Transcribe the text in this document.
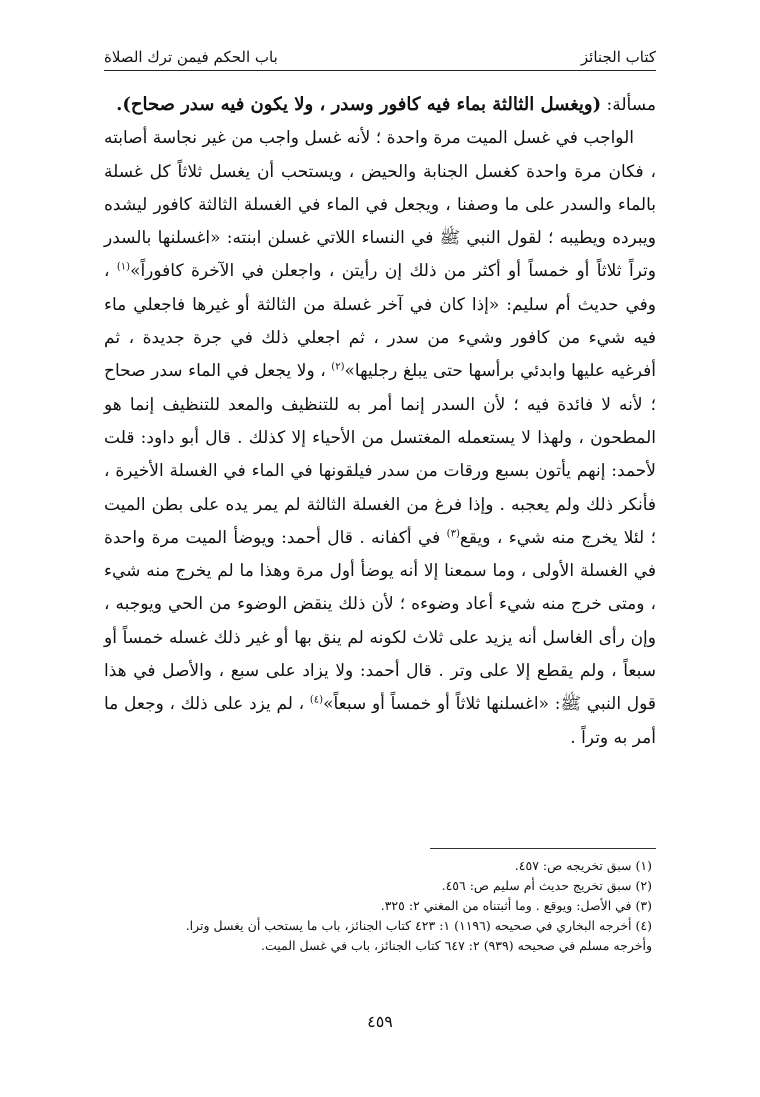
كتاب الجنائز
باب الحكم فيمن ترك الصلاة

مسألة: (ويغسل الثالثة بماء فيه كافور وسدر ، ولا يكون فيه سدر صحاح).

الواجب في غسل الميت مرة واحدة ؛ لأنه غسل واجب من غير نجاسة أصابته ، فكان مرة واحدة كغسل الجنابة والحيض ، ويستحب أن يغسل ثلاثاً كل غسلة بالماء والسدر على ما وصفنا ، ويجعل في الماء في الغسلة الثالثة كافور ليشده ويبرده ويطيبه ؛ لقول النبي ﷺ في النساء اللاتي غسلن ابنته: «اغسلنها بالسدر وتراً ثلاثاً أو خمساً أو أكثر من ذلك إن رأيتن ، واجعلن في الآخرة كافوراً»$^{(١)}$ ، وفي حديث أم سليم: «إذا كان في آخر غسلة من الثالثة أو غيرها فاجعلي ماء فيه شيء من كافور وشيء من سدر ، ثم اجعلي ذلك في جرة جديدة ، ثم أفرغيه عليها وابدئي برأسها حتى يبلغ رجليها»$^{(٢)}$ ، ولا يجعل في الماء سدر صحاح ؛ لأنه لا فائدة فيه ؛ لأن السدر إنما أمر به للتنظيف والمعد للتنظيف إنما هو المطحون ، ولهذا لا يستعمله المغتسل من الأحياء إلا كذلك . قال أبو داود: قلت لأحمد: إنهم يأتون بسبع ورقات من سدر فيلقونها في الماء في الغسلة الأخيرة ، فأنكر ذلك ولم يعجبه . وإذا فرغ من الغسلة الثالثة لم يمر يده على بطن الميت ؛ لئلا يخرج منه شيء ، ويقع$^{(٣)}$ في أكفانه . قال أحمد: ويوضأ الميت مرة واحدة في الغسلة الأولى ، وما سمعنا إلا أنه يوضأ أول مرة وهذا ما لم يخرج منه شيء ، ومتى خرج منه شيء أعاد وضوءه ؛ لأن ذلك ينقض الوضوء من الحي ويوجبه ، وإن رأى الغاسل أنه يزيد على ثلاث لكونه لم ينق بها أو غير ذلك غسله خمساً أو سبعاً ، ولم يقطع إلا على وتر . قال أحمد: ولا يزاد على سبع ، والأصل في هذا قول النبي ﷺ: «اغسلنها ثلاثاً أو خمساً أو سبعاً»$^{(٤)}$ ، لم يزد على ذلك ، وجعل ما أمر به وتراً .

(١) سبق تخريجه ص: ٤٥٧.

(٢) سبق تخريج حديث أم سليم ص: ٤٥٦.

(٣) في الأصل: ويوقع . وما أثبتناه من المغني ٢: ٣٢٥.

(٤) أخرجه البخاري في صحيحه (١١٩٦) ١: ٤٢٣ كتاب الجنائز، باب ما يستحب أن يغسل وترا.

وأخرجه مسلم في صحيحه (٩٣٩) ٢: ٦٤٧ كتاب الجنائز، باب في غسل الميت.

٤٥٩
